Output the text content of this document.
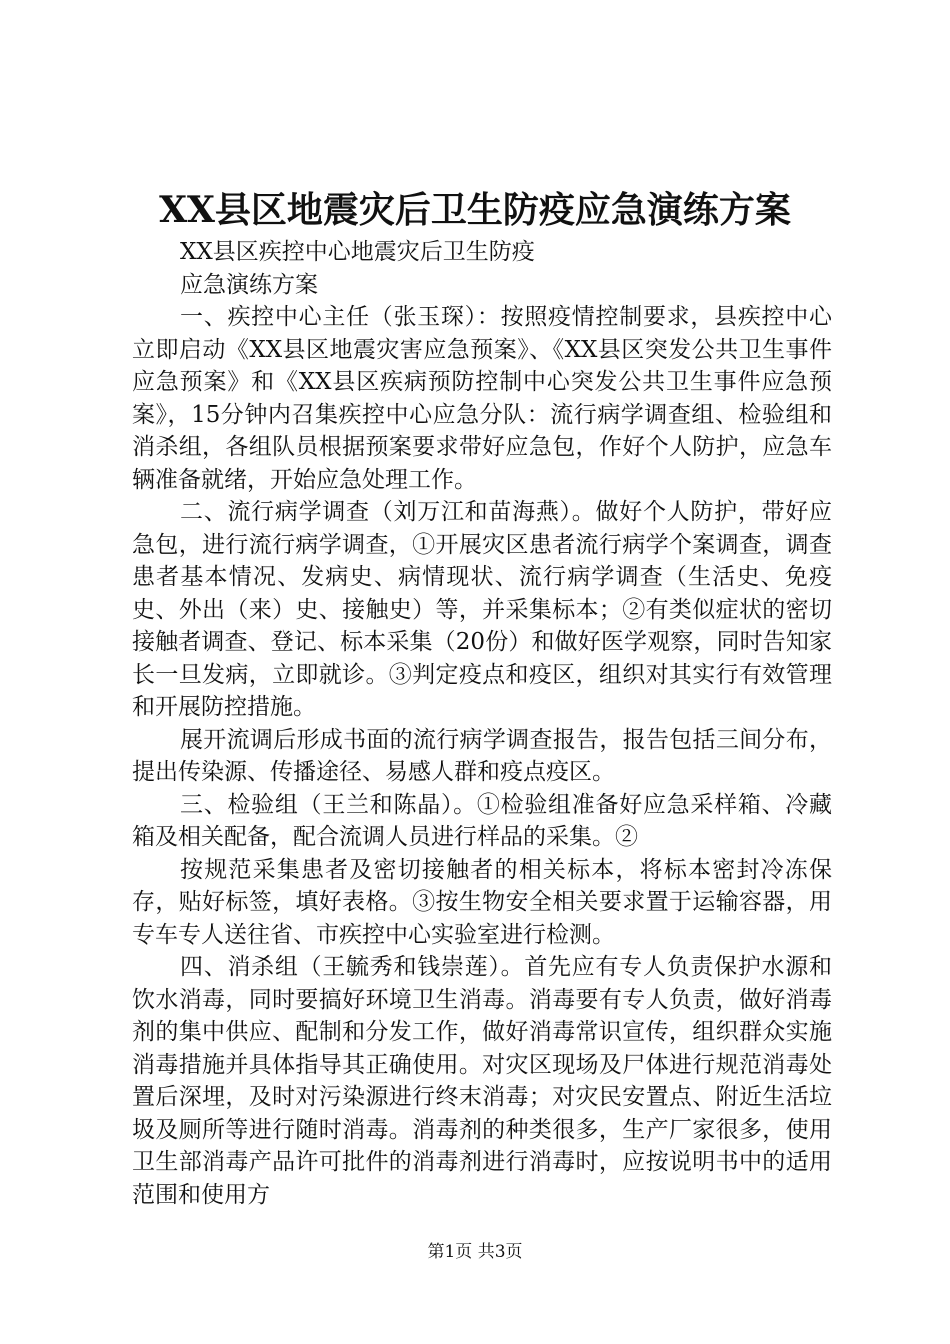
XX县区地震灾后卫生防疫应急演练方案

XX县区疾控中心地震灾后卫生防疫

应急演练方案

一、疾控中心主任（张玉琛）：按照疫情控制要求，县疾控中心立即启动《XX县区地震灾害应急预案》、《XX县区突发公共卫生事件应急预案》和《XX县区疾病预防控制中心突发公共卫生事件应急预案》，15分钟内召集疾控中心应急分队：流行病学调查组、检验组和消杀组，各组队员根据预案要求带好应急包，作好个人防护，应急车辆准备就绪，开始应急处理工作。

二、流行病学调查（刘万江和苗海燕）。做好个人防护，带好应急包，进行流行病学调查，①开展灾区患者流行病学个案调查，调查患者基本情况、发病史、病情现状、流行病学调查（生活史、免疫史、外出（来）史、接触史）等，并采集标本；②有类似症状的密切接触者调查、登记、标本采集（20份）和做好医学观察，同时告知家长一旦发病，立即就诊。③判定疫点和疫区，组织对其实行有效管理和开展防控措施。

展开流调后形成书面的流行病学调查报告，报告包括三间分布，提出传染源、传播途径、易感人群和疫点疫区。

三、检验组（王兰和陈晶）。①检验组准备好应急采样箱、冷藏箱及相关配备，配合流调人员进行样品的采集。②

按规范采集患者及密切接触者的相关标本，将标本密封冷冻保存，贴好标签，填好表格。③按生物安全相关要求置于运输容器，用专车专人送往省、市疾控中心实验室进行检测。

四、消杀组（王毓秀和钱崇莲）。首先应有专人负责保护水源和饮水消毒，同时要搞好环境卫生消毒。消毒要有专人负责，做好消毒剂的集中供应、配制和分发工作，做好消毒常识宣传，组织群众实施消毒措施并具体指导其正确使用。对灾区现场及尸体进行规范消毒处置后深埋，及时对污染源进行终末消毒；对灾民安置点、附近生活垃圾及厕所等进行随时消毒。消毒剂的种类很多，生产厂家很多，使用卫生部消毒产品许可批件的消毒剂进行消毒时，应按说明书中的适用范围和使用方

第1页 共3页
